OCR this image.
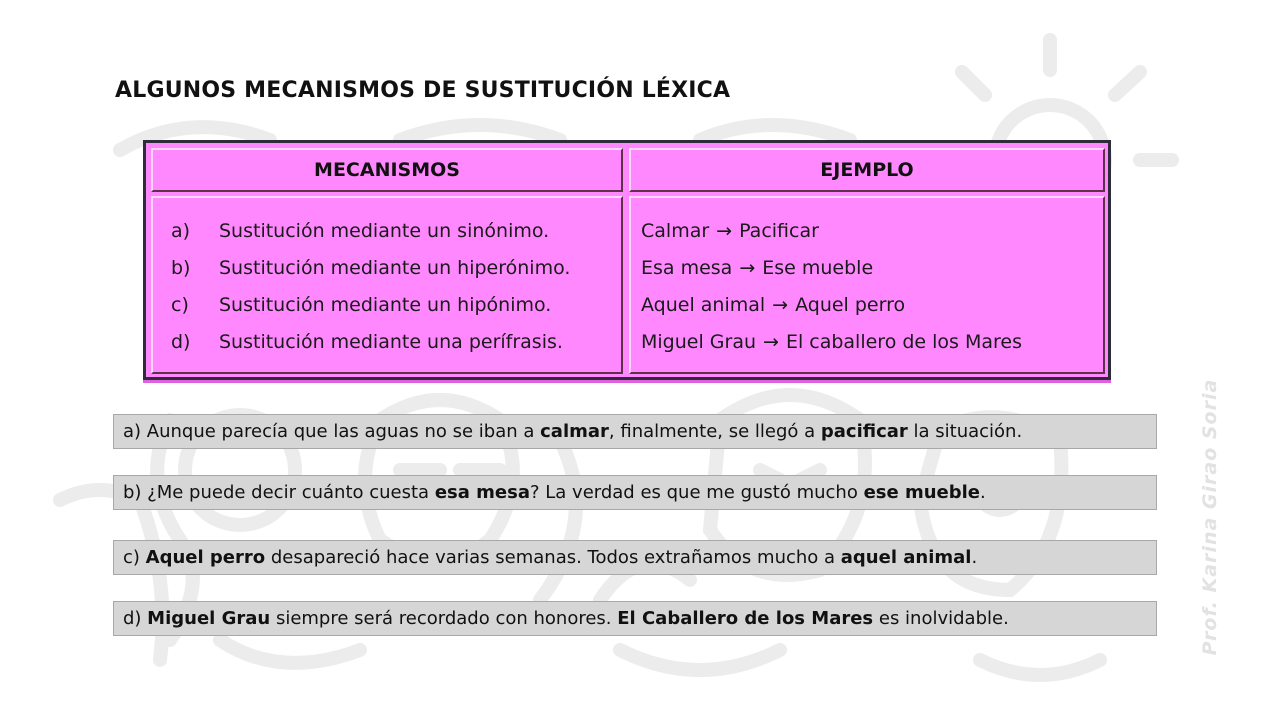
Prof. Karina Girao Soria
ALGUNOS MECANISMOS DE SUSTITUCIÓN LÉXICA
MECANISMOS	EJEMPLO
a) Sustitución mediante un sinónimo.
b) Sustitución mediante un hiperónimo.
c) Sustitución mediante un hipónimo.
d) Sustitución mediante una perífrasis.
Calmar → Pacificar
Esa mesa → Ese mueble
Aquel animal → Aquel perro
Miguel Grau → El caballero de los Mares
a) Aunque parecía que las aguas no se iban a calmar, finalmente, se llegó a pacificar la situación.
b) ¿Me puede decir cuánto cuesta esa mesa? La verdad es que me gustó mucho ese mueble.
c) Aquel perro desapareció hace varias semanas. Todos extrañamos mucho a aquel animal.
d) Miguel Grau siempre será recordado con honores. El Caballero de los Mares es inolvidable.
